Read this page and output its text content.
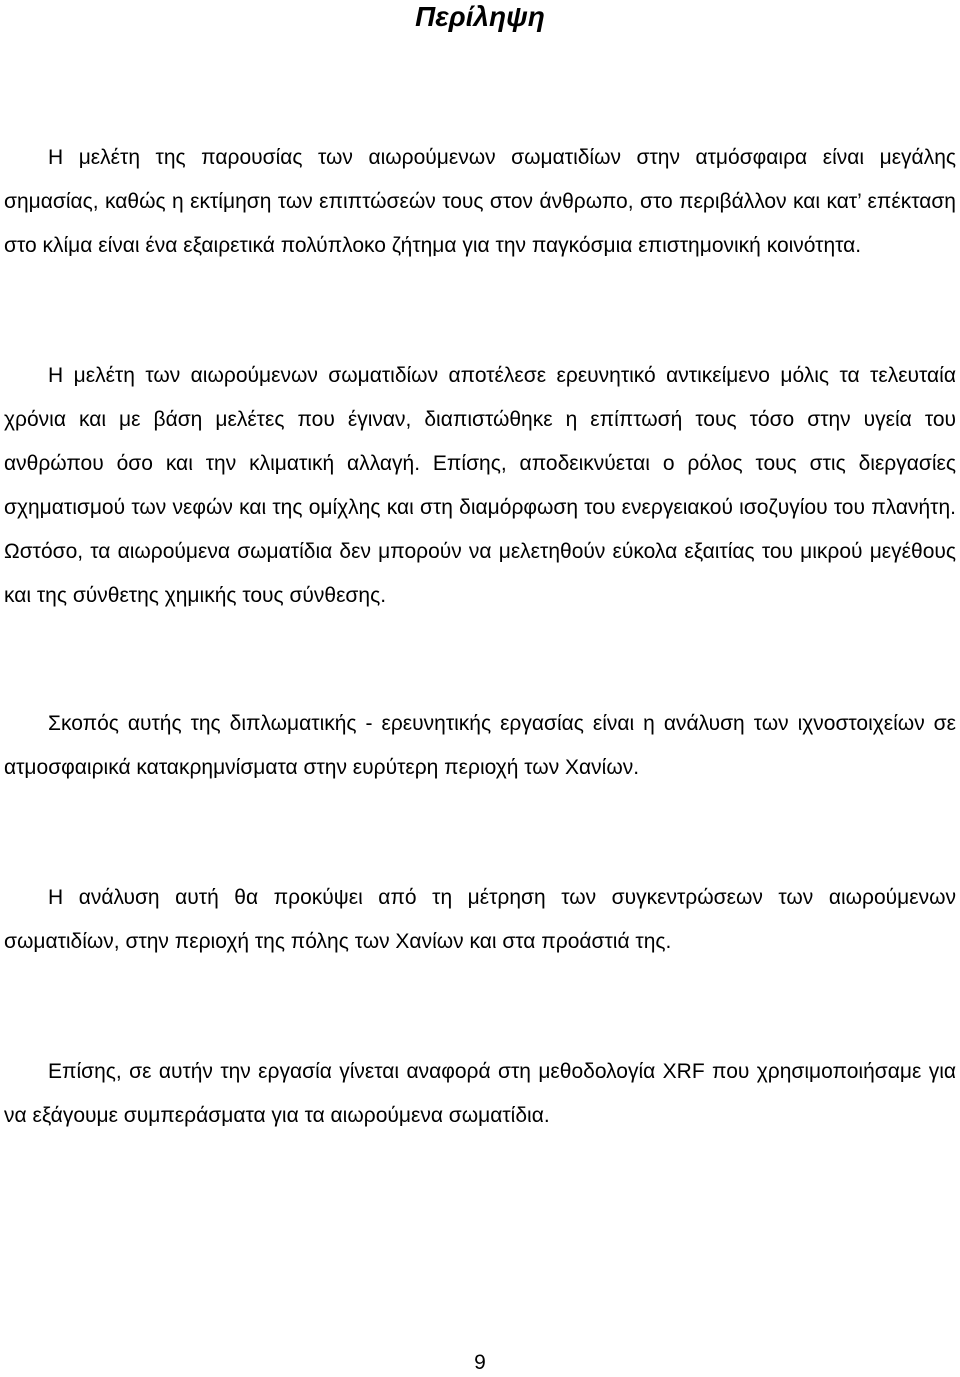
Περίληψη

Η μελέτη της παρουσίας των αιωρούμενων σωματιδίων στην ατμόσφαιρα είναι μεγάλης σημασίας, καθώς η εκτίμηση των επιπτώσεών τους στον άνθρωπο, στο περιβάλλον και κατ’ επέκταση στο κλίμα είναι ένα εξαιρετικά πολύπλοκο ζήτημα για την παγκόσμια επιστημονική κοινότητα.

Η μελέτη των αιωρούμενων σωματιδίων αποτέλεσε ερευνητικό αντικείμενο μόλις τα τελευταία χρόνια και με βάση μελέτες που έγιναν, διαπιστώθηκε η επίπτωσή τους τόσο στην υγεία του ανθρώπου όσο και την κλιματική αλλαγή. Επίσης, αποδεικνύεται ο ρόλος τους στις διεργασίες σχηματισμού των νεφών και της ομίχλης και στη διαμόρφωση του ενεργειακού ισοζυγίου του πλανήτη. Ωστόσο, τα αιωρούμενα σωματίδια δεν μπορούν να μελετηθούν εύκολα εξαιτίας του μικρού μεγέθους και της σύνθετης χημικής τους σύνθεσης.

Σκοπός αυτής της διπλωματικής - ερευνητικής εργασίας είναι η ανάλυση των ιχνοστοιχείων σε ατμοσφαιρικά κατακρημνίσματα στην ευρύτερη περιοχή των Χανίων.

Η ανάλυση αυτή θα προκύψει από τη μέτρηση των συγκεντρώσεων των αιωρούμενων σωματιδίων, στην περιοχή της πόλης των Χανίων και στα προάστιά της.

Επίσης, σε αυτήν την εργασία γίνεται αναφορά στη μεθοδολογία XRF που χρησιμοποιήσαμε για να εξάγουμε συμπεράσματα για τα αιωρούμενα σωματίδια.

9
